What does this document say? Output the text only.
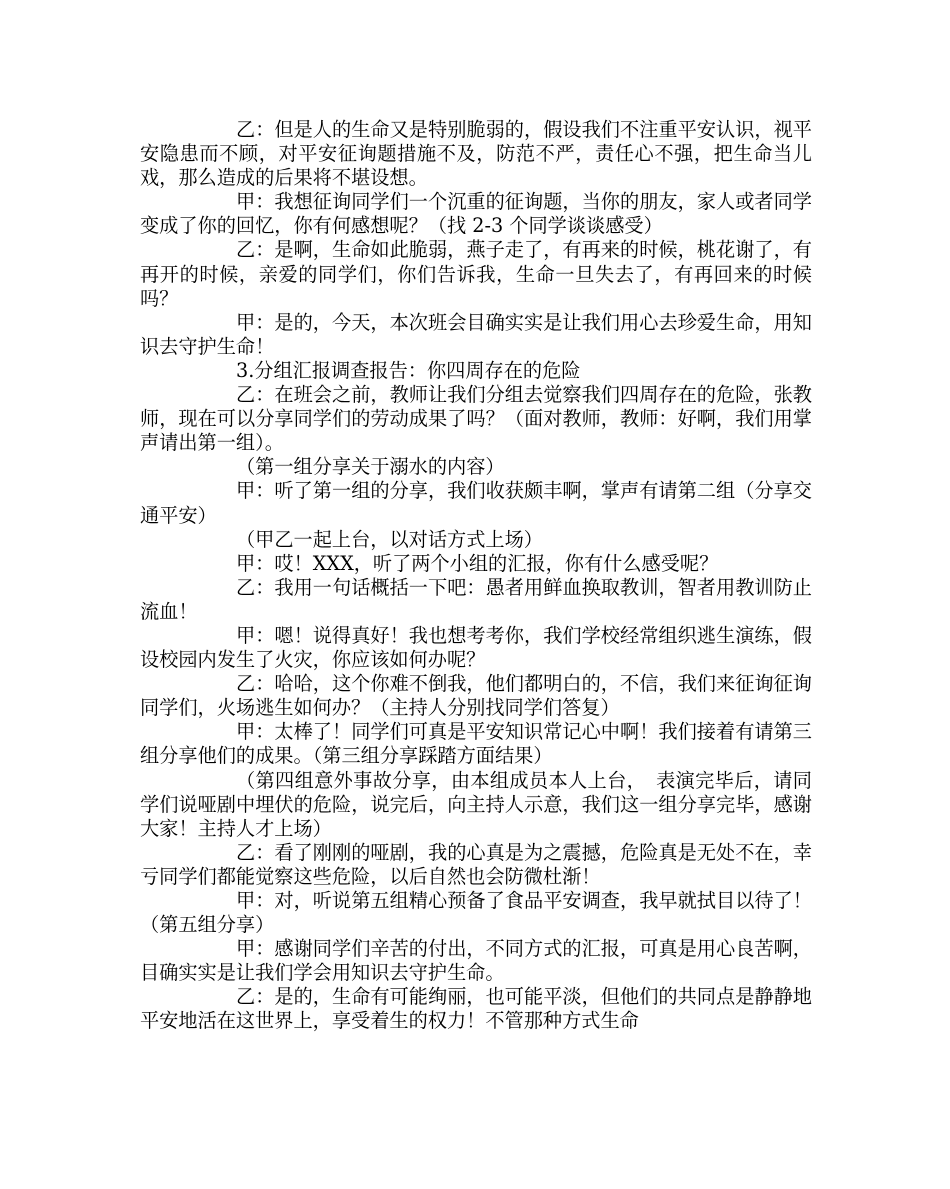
乙：但是人的生命又是特别脆弱的，假设我们不注重平安认识，视平安隐患而不顾，对平安征询题措施不及，防范不严，责任心不强，把生命当儿戏，那么造成的后果将不堪设想。

甲：我想征询同学们一个沉重的征询题，当你的朋友，家人或者同学变成了你的回忆，你有何感想呢？（找 2-3 个同学谈谈感受）

乙：是啊，生命如此脆弱，燕子走了，有再来的时候，桃花谢了，有再开的时候，亲爱的同学们，你们告诉我，生命一旦失去了，有再回来的时候吗？

甲：是的，今天，本次班会目确实实是让我们用心去珍爱生命，用知识去守护生命！

3.分组汇报调查报告：你四周存在的危险

乙：在班会之前，教师让我们分组去觉察我们四周存在的危险，张教师，现在可以分享同学们的劳动成果了吗？（面对教师，教师：好啊，我们用掌声请出第一组）。

（第一组分享关于溺水的内容）

甲：听了第一组的分享，我们收获颇丰啊，掌声有请第二组（分享交通平安）

（甲乙一起上台，以对话方式上场）

甲：哎！XXX，听了两个小组的汇报，你有什么感受呢？

乙：我用一句话概括一下吧：愚者用鲜血换取教训，智者用教训防止流血！

甲：嗯！说得真好！我也想考考你，我们学校经常组织逃生演练，假设校园内发生了火灾，你应该如何办呢？

乙：哈哈，这个你难不倒我，他们都明白的，不信，我们来征询征询同学们，火场逃生如何办？（主持人分别找同学们答复）

甲：太棒了！同学们可真是平安知识常记心中啊！我们接着有请第三组分享他们的成果。（第三组分享踩踏方面结果）

（第四组意外事故分享，由本组成员本人上台，　表演完毕后，请同学们说哑剧中埋伏的危险，说完后，向主持人示意，我们这一组分享完毕，感谢大家！主持人才上场）

乙：看了刚刚的哑剧，我的心真是为之震撼，危险真是无处不在，幸亏同学们都能觉察这些危险，以后自然也会防微杜渐！

甲：对，听说第五组精心预备了食品平安调查，我早就拭目以待了！（第五组分享）

甲：感谢同学们辛苦的付出，不同方式的汇报，可真是用心良苦啊，目确实实是让我们学会用知识去守护生命。

乙：是的，生命有可能绚丽，也可能平淡，但他们的共同点是静静地平安地活在这世界上，享受着生的权力！不管那种方式生命
